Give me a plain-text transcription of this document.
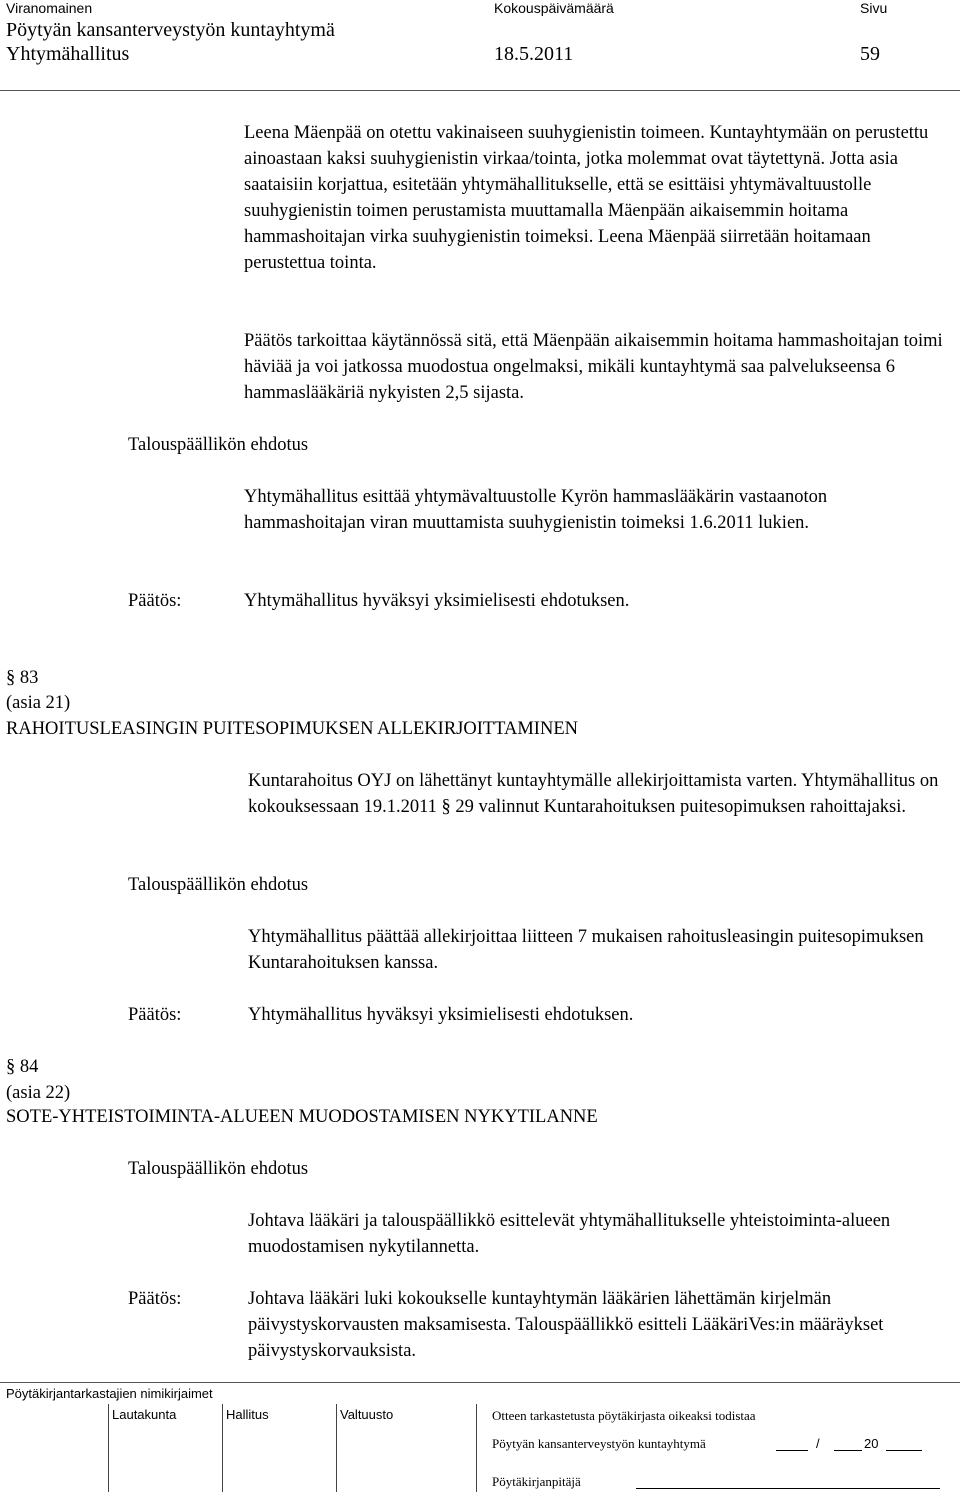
Viranomainen	Kokouspäivämäärä	Sivu
Pöytyän kansanterveystyön kuntayhtymä
Yhtymähallitus	18.5.2011	59
Leena Mäenpää on otettu vakinaiseen suuhygienistin toimeen. Kuntayhtymään on perustettu ainoastaan kaksi suuhygienistin virkaa/tointa, jotka molemmat ovat täytettynä. Jotta asia saataisiin korjattua, esitetään yhtymähallitukselle, että se esittäisi yhtymävaltuustolle suuhygienistin toimen perustamista muuttamalla Mäenpään aikaisemmin hoitama hammashoitajan virka suuhygienistin toimeksi. Leena Mäenpää siirretään hoitamaan perustettua tointa.
Päätös tarkoittaa käytännössä sitä, että Mäenpään aikaisemmin hoitama hammashoitajan toimi häviää ja voi jatkossa muodostua ongelmaksi, mikäli kuntayhtymä saa palvelukseensa 6 hammaslääkäriä nykyisten 2,5 sijasta.
Talouspäällikön ehdotus
Yhtymähallitus esittää yhtymävaltuustolle Kyrön hammaslääkärin vastaanoton hammashoitajan viran muuttamista suuhygienistin toimeksi 1.6.2011 lukien.
Päätös:	Yhtymähallitus hyväksyi yksimielisesti ehdotuksen.
§ 83
(asia 21)
RAHOITUSLEASINGIN PUITESOPIMUKSEN ALLEKIRJOITTAMINEN
Kuntarahoitus OYJ on lähettänyt kuntayhtymälle allekirjoittamista varten. Yhtymähallitus on kokouksessaan 19.1.2011 § 29 valinnut Kuntarahoituksen puitesopimuksen rahoittajaksi.
Talouspäällikön ehdotus
Yhtymähallitus päättää allekirjoittaa liitteen 7 mukaisen rahoitusleasingin puitesopimuksen Kuntarahoituksen kanssa.
Päätös:	Yhtymähallitus hyväksyi yksimielisesti ehdotuksen.
§ 84
(asia 22)
SOTE-YHTEISTOIMINTA-ALUEEN MUODOSTAMISEN NYKYTILANNE
Talouspäällikön ehdotus
Johtava lääkäri ja talouspäällikkö esittelevät yhtymähallitukselle yhteistoiminta-alueen muodostamisen nykytilannetta.
Päätös:	Johtava lääkäri luki kokoukselle kuntayhtymän lääkärien lähettämän kirjelmän päivystyskorvausten maksamisesta. Talouspäällikkö esitteli LääkäriVes:in määräykset päivystyskorvauksista.
Pöytäkirjantarkastajien nimikirjaimet
Lautakunta	Hallitus	Valtuusto	Otteen tarkastetusta pöytäkirjasta oikeaksi todistaa
Pöytyän kansanterveystyön kuntayhtymä	/	20
Pöytäkirjanpitäjä
